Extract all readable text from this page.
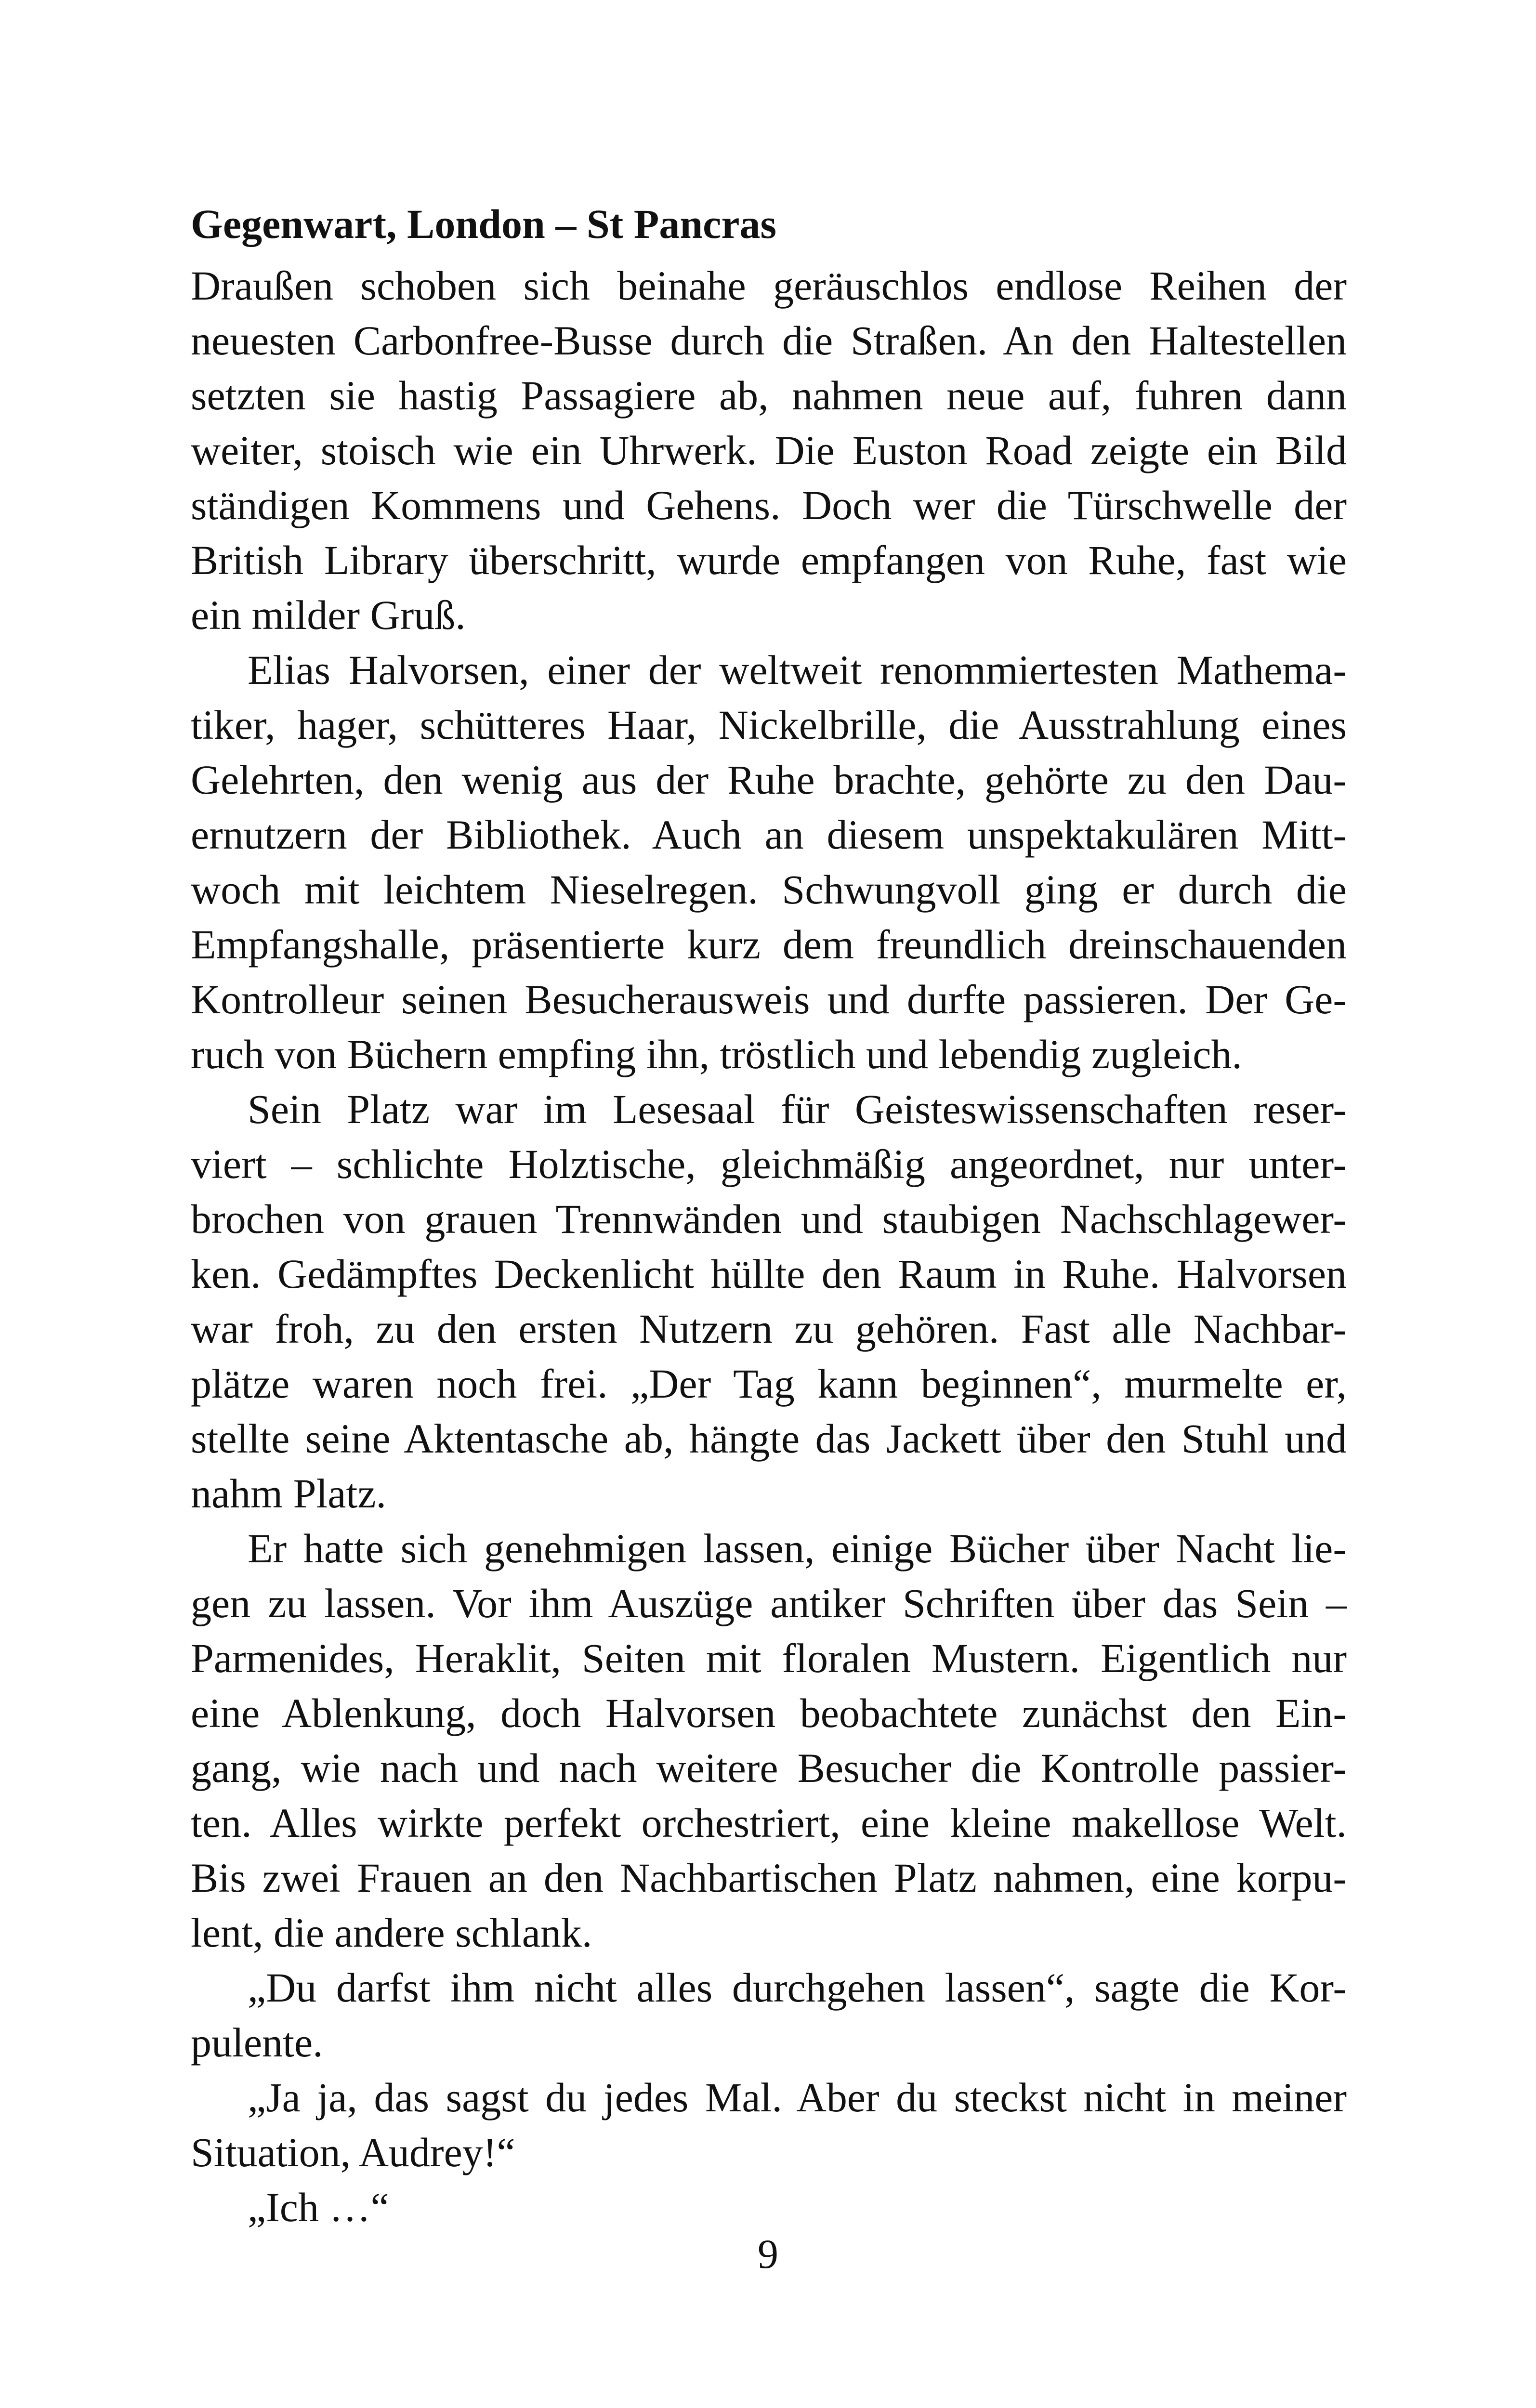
Gegenwart, London – St Pancras
Draußen schoben sich beinahe geräuschlos endlose Reihen der
neuesten Carbonfree-Busse durch die Straßen. An den Haltestellen
setzten sie hastig Passagiere ab, nahmen neue auf, fuhren dann
weiter, stoisch wie ein Uhrwerk. Die Euston Road zeigte ein Bild
ständigen Kommens und Gehens. Doch wer die Türschwelle der
British Library überschritt, wurde empfangen von Ruhe, fast wie
ein milder Gruß.
Elias Halvorsen, einer der weltweit renommiertesten Mathema-
tiker, hager, schütteres Haar, Nickelbrille, die Ausstrahlung eines
Gelehrten, den wenig aus der Ruhe brachte, gehörte zu den Dau-
ernutzern der Bibliothek. Auch an diesem unspektakulären Mitt-
woch mit leichtem Nieselregen. Schwungvoll ging er durch die
Empfangshalle, präsentierte kurz dem freundlich dreinschauenden
Kontrolleur seinen Besucherausweis und durfte passieren. Der Ge-
ruch von Büchern empfing ihn, tröstlich und lebendig zugleich.
Sein Platz war im Lesesaal für Geisteswissenschaften reser-
viert – schlichte Holztische, gleichmäßig angeordnet, nur unter-
brochen von grauen Trennwänden und staubigen Nachschlagewer-
ken. Gedämpftes Deckenlicht hüllte den Raum in Ruhe. Halvorsen
war froh, zu den ersten Nutzern zu gehören. Fast alle Nachbar-
plätze waren noch frei. „Der Tag kann beginnen“, murmelte er,
stellte seine Aktentasche ab, hängte das Jackett über den Stuhl und
nahm Platz.
Er hatte sich genehmigen lassen, einige Bücher über Nacht lie-
gen zu lassen. Vor ihm Auszüge antiker Schriften über das Sein –
Parmenides, Heraklit, Seiten mit floralen Mustern. Eigentlich nur
eine Ablenkung, doch Halvorsen beobachtete zunächst den Ein-
gang, wie nach und nach weitere Besucher die Kontrolle passier-
ten. Alles wirkte perfekt orchestriert, eine kleine makellose Welt.
Bis zwei Frauen an den Nachbartischen Platz nahmen, eine korpu-
lent, die andere schlank.
„Du darfst ihm nicht alles durchgehen lassen“, sagte die Kor-
pulente.
„Ja ja, das sagst du jedes Mal. Aber du steckst nicht in meiner
Situation, Audrey!“
„Ich …“
9
